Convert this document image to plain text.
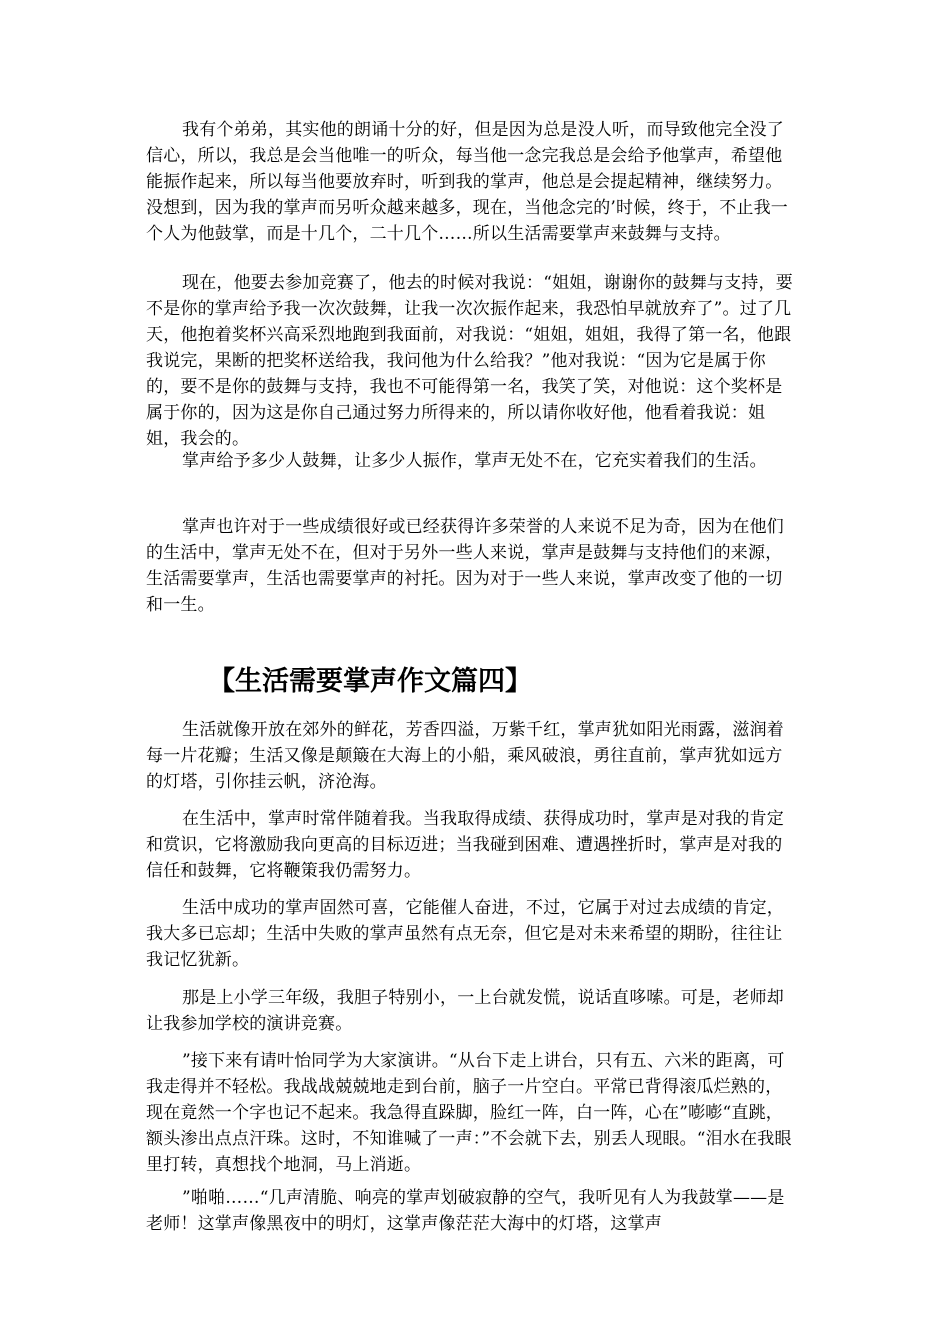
我有个弟弟，其实他的朗诵十分的好，但是因为总是没人听，而导致他完全没了信心，所以，我总是会当他唯一的听众，每当他一念完我总是会给予他掌声，希望他能振作起来，所以每当他要放弃时，听到我的掌声，他总是会提起精神，继续努力。没想到，因为我的掌声而另听众越来越多，现在，当他念完的’时候，终于，不止我一个人为他鼓掌，而是十几个，二十几个……所以生活需要掌声来鼓舞与支持。

现在，他要去参加竞赛了，他去的时候对我说：“姐姐，谢谢你的鼓舞与支持，要不是你的掌声给予我一次次鼓舞，让我一次次振作起来，我恐怕早就放弃了”。过了几天，他抱着奖杯兴高采烈地跑到我面前，对我说：“姐姐，姐姐，我得了第一名，他跟我说完，果断的把奖杯送给我，我问他为什么给我？”他对我说：“因为它是属于你的，要不是你的鼓舞与支持，我也不可能得第一名，我笑了笑，对他说：这个奖杯是属于你的，因为这是你自己通过努力所得来的，所以请你收好他，他看着我说：姐姐，我会的。

掌声给予多少人鼓舞，让多少人振作，掌声无处不在，它充实着我们的生活。

掌声也许对于一些成绩很好或已经获得许多荣誉的人来说不足为奇，因为在他们的生活中，掌声无处不在，但对于另外一些人来说，掌声是鼓舞与支持他们的来源，生活需要掌声，生活也需要掌声的衬托。因为对于一些人来说，掌声改变了他的一切和一生。

【生活需要掌声作文篇四】

生活就像开放在郊外的鲜花，芳香四溢，万紫千红，掌声犹如阳光雨露，滋润着每一片花瓣；生活又像是颠簸在大海上的小船，乘风破浪，勇往直前，掌声犹如远方的灯塔，引你挂云帆，济沧海。

在生活中，掌声时常伴随着我。当我取得成绩、获得成功时，掌声是对我的肯定和赏识，它将激励我向更高的目标迈进；当我碰到困难、遭遇挫折时，掌声是对我的信任和鼓舞，它将鞭策我仍需努力。

生活中成功的掌声固然可喜，它能催人奋进，不过，它属于对过去成绩的肯定，我大多已忘却；生活中失败的掌声虽然有点无奈，但它是对未来希望的期盼，往往让我记忆犹新。

那是上小学三年级，我胆子特别小，一上台就发慌，说话直哆嗦。可是，老师却让我参加学校的演讲竞赛。

”接下来有请叶怡同学为大家演讲。“从台下走上讲台，只有五、六米的距离，可我走得并不轻松。我战战兢兢地走到台前，脑子一片空白。平常已背得滚瓜烂熟的，现在竟然一个字也记不起来。我急得直跺脚，脸红一阵，白一阵，心在”嘭嘭“直跳，额头渗出点点汗珠。这时，不知谁喊了一声：”不会就下去，别丢人现眼。“泪水在我眼里打转，真想找个地洞，马上消逝。

”啪啪……“几声清脆、响亮的掌声划破寂静的空气，我听见有人为我鼓掌——是老师！这掌声像黑夜中的明灯，这掌声像茫茫大海中的灯塔，这掌声
